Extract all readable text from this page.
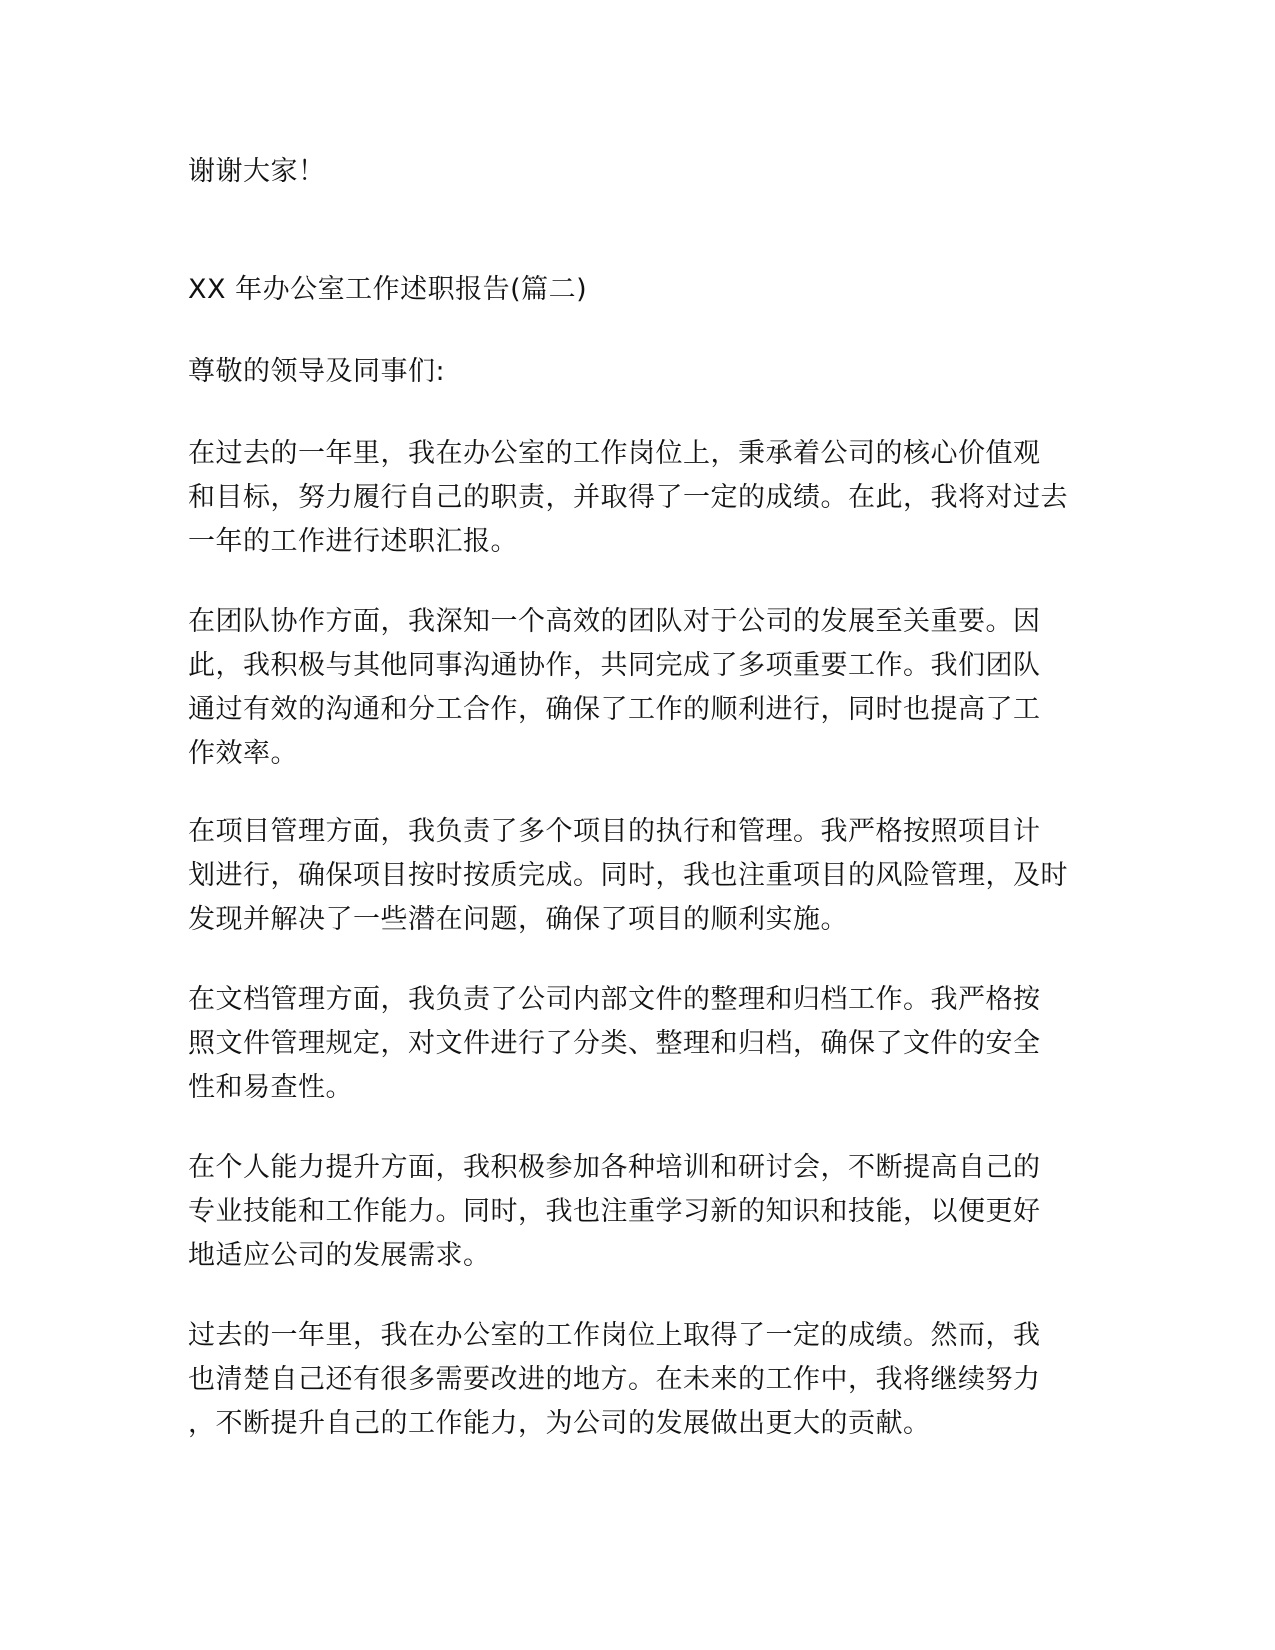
谢谢大家！

XX 年办公室工作述职报告(篇二)

尊敬的领导及同事们:

在过去的一年里，我在办公室的工作岗位上，秉承着公司的核心价值观
和目标，努力履行自己的职责，并取得了一定的成绩。在此，我将对过去
一年的工作进行述职汇报。

在团队协作方面，我深知一个高效的团队对于公司的发展至关重要。因
此，我积极与其他同事沟通协作，共同完成了多项重要工作。我们团队
通过有效的沟通和分工合作，确保了工作的顺利进行，同时也提高了工
作效率。

在项目管理方面，我负责了多个项目的执行和管理。我严格按照项目计
划进行，确保项目按时按质完成。同时，我也注重项目的风险管理，及时
发现并解决了一些潜在问题，确保了项目的顺利实施。

在文档管理方面，我负责了公司内部文件的整理和归档工作。我严格按
照文件管理规定，对文件进行了分类、整理和归档，确保了文件的安全
性和易查性。

在个人能力提升方面，我积极参加各种培训和研讨会，不断提高自己的
专业技能和工作能力。同时，我也注重学习新的知识和技能，以便更好
地适应公司的发展需求。

过去的一年里，我在办公室的工作岗位上取得了一定的成绩。然而，我
也清楚自己还有很多需要改进的地方。在未来的工作中，我将继续努力
，不断提升自己的工作能力，为公司的发展做出更大的贡献。
